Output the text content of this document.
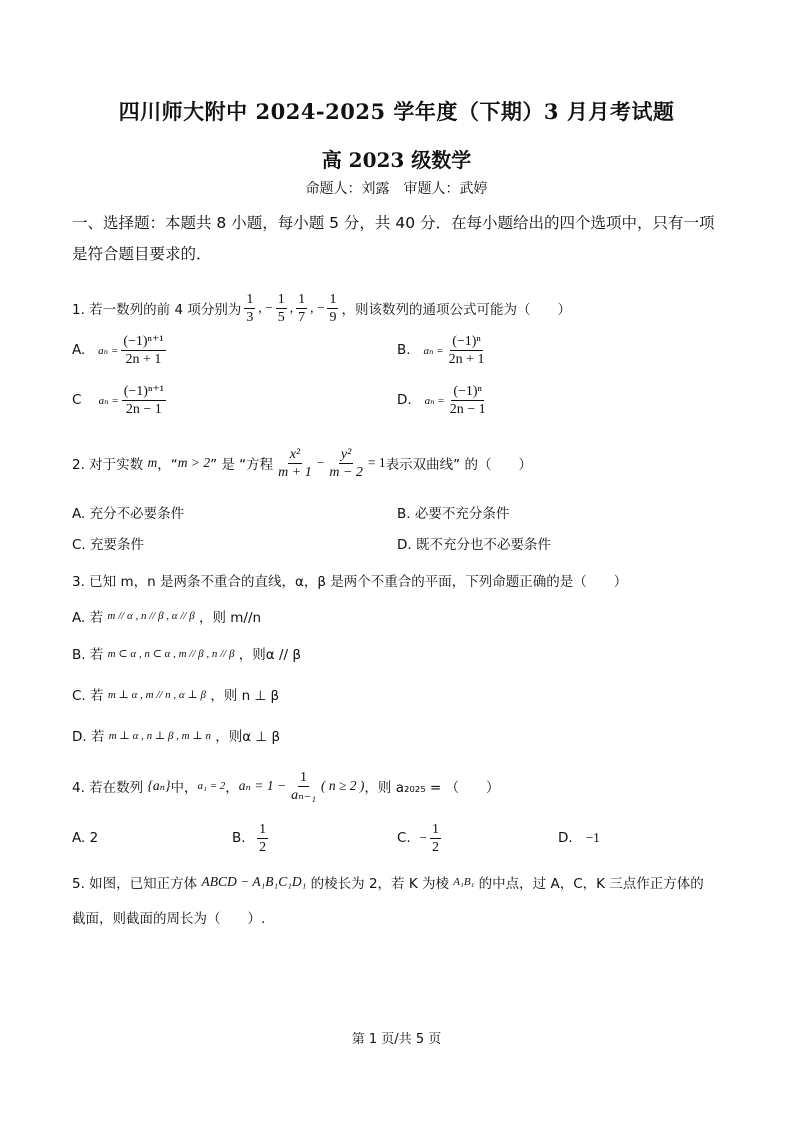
四川师大附中 2024-2025 学年度（下期）3 月月考试题
高 2023 级数学
命题人：刘露　审题人：武婷
一、选择题：本题共 8 小题，每小题 5 分，共 40 分．在每小题给出的四个选项中，只有一项
是符合题目要求的．
1. 若一数列的前 4 项分别为 $\frac{1}{3}$ , − $\frac{1}{5}$ , $\frac{1}{7}$ , − $\frac{1}{9}$ ，则该数列的通项公式可能为（　　）
A.
$a_n = \frac{\text{(−1)ⁿ⁺¹}}{2n + 1}$	B.
$a_n = \frac{\text{(−1)ⁿ}}{2n + 1}$
C
$a_n = \frac{\text{(−1)ⁿ⁺¹}}{2n - 1}$	D.
$a_n = \frac{\text{(−1)ⁿ}}{2n - 1}$
2. 对于实数
m ，“ m > 2 ” 是 “方程 $\frac{\text{x²}}{m + 1} - \frac{\text{y²}}{m - 2} = 1$ 表示双曲线” 的（　　）
A. 充分不必要条件	B. 必要不充分条件
C. 充要条件	D. 既不充分也不必要条件
3. 已知 m，n 是两条不重合的直线，α，β 是两个不重合的平面，下列命题正确的是（　　）
A. 若
m // α , n // β , α // β
，则 m//n
B. 若
m ⊂ α , n ⊂ α , m // β , n // β
，则α // β
C. 若
m ⊥ α , m // n , α ⊥ β
，则 n ⊥ β
D. 若
m ⊥ α , n ⊥ β , m ⊥ n
，则α ⊥ β
4. 若在数列
{aₙ} 中， a₁ = 2 ， $a_n = 1 - \frac{1}{\text{aₙ₋₁}}$ ( n ≥ 2 ) ，则 a₂₀₂₅ = （　　）
A. 2	B.
$\frac{1}{2}$	C.
− $\frac{1}{2}$	D.
−1
5. 如图，已知正方体
ABCD − A₁B₁C₁D₁
的棱长为 2，若 K 为棱
A₁B₁
的中点，过 A，C，K 三点作正方体的
截面，则截面的周长为（　　）.
第 1 页/共 5 页
